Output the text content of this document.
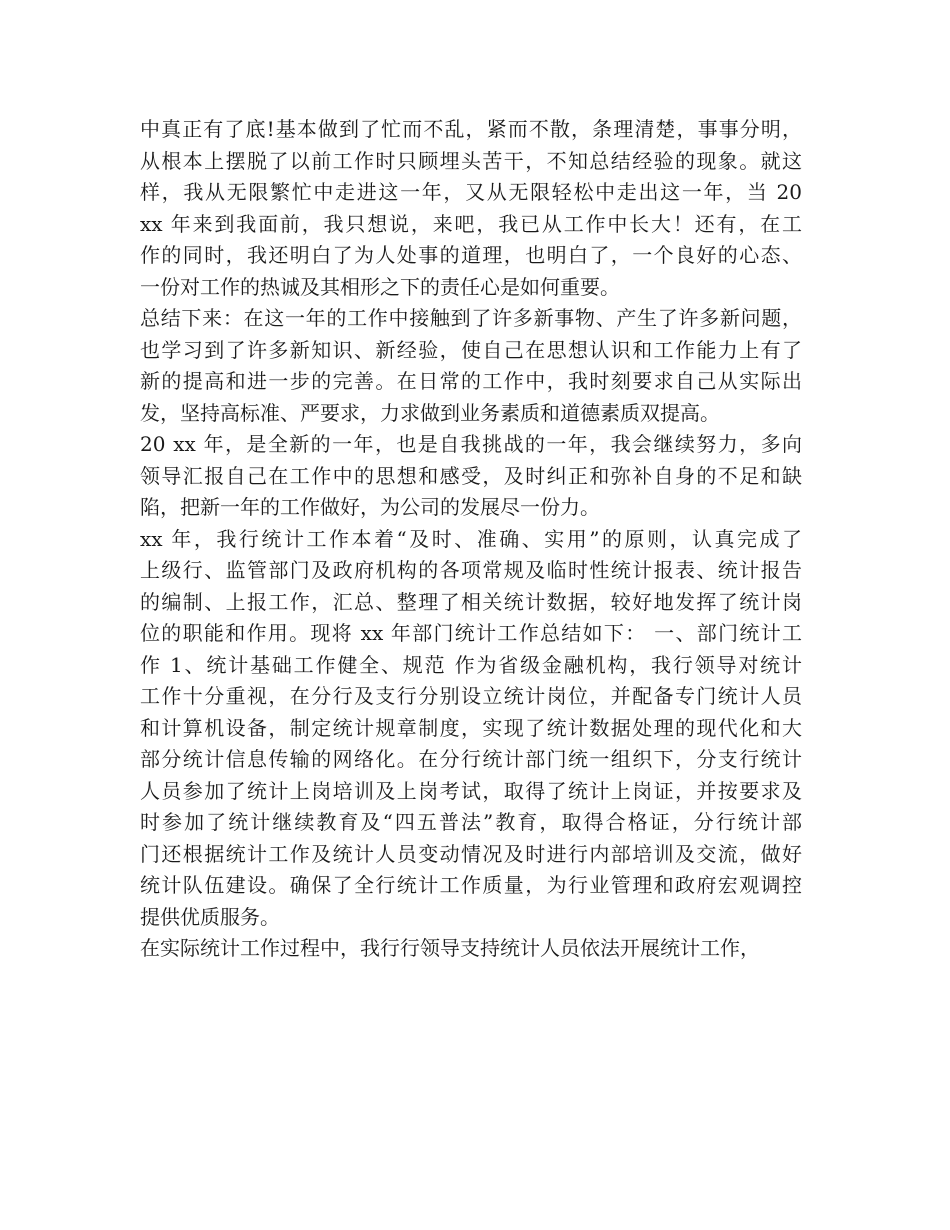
中真正有了底!基本做到了忙而不乱，紧而不散，条理清楚，事事分明，
从根本上摆脱了以前工作时只顾埋头苦干，不知总结经验的现象。就这
样，我从无限繁忙中走进这一年，又从无限轻松中走出这一年，当 20
xx 年来到我面前，我只想说，来吧，我已从工作中长大！还有，在工
作的同时，我还明白了为人处事的道理，也明白了，一个良好的心态、
一份对工作的热诚及其相形之下的责任心是如何重要。
总结下来：在这一年的工作中接触到了许多新事物、产生了许多新问题，
也学习到了许多新知识、新经验，使自己在思想认识和工作能力上有了
新的提高和进一步的完善。在日常的工作中，我时刻要求自己从实际出
发，坚持高标准、严要求，力求做到业务素质和道德素质双提高。
20 xx 年，是全新的一年，也是自我挑战的一年，我会继续努力，多向
领导汇报自己在工作中的思想和感受，及时纠正和弥补自身的不足和缺
陷，把新一年的工作做好，为公司的发展尽一份力。
xx 年，我行统计工作本着“及时、准确、实用”的原则，认真完成了
上级行、监管部门及政府机构的各项常规及临时性统计报表、统计报告
的编制、上报工作，汇总、整理了相关统计数据，较好地发挥了统计岗
位的职能和作用。现将 xx 年部门统计工作总结如下： 一、部门统计工
作 1、统计基础工作健全、规范 作为省级金融机构，我行领导对统计
工作十分重视，在分行及支行分别设立统计岗位，并配备专门统计人员
和计算机设备，制定统计规章制度，实现了统计数据处理的现代化和大
部分统计信息传输的网络化。在分行统计部门统一组织下，分支行统计
人员参加了统计上岗培训及上岗考试，取得了统计上岗证，并按要求及
时参加了统计继续教育及“四五普法”教育，取得合格证，分行统计部
门还根据统计工作及统计人员变动情况及时进行内部培训及交流，做好
统计队伍建设。确保了全行统计工作质量，为行业管理和政府宏观调控
提供优质服务。
在实际统计工作过程中，我行行领导支持统计人员依法开展统计工作，
